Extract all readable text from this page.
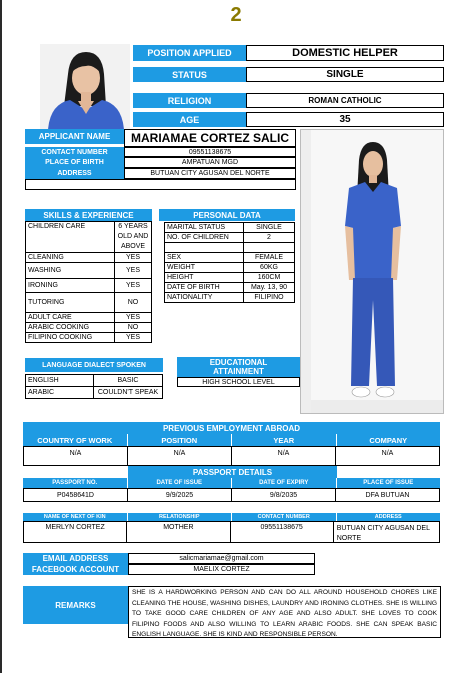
2
POSITION APPLIED	DOMESTIC HELPER
STATUS	SINGLE
RELIGION	ROMAN CATHOLIC
AGE	35
APPLICANT NAME	MARIAMAE CORTEZ SALIC
CONTACT NUMBER	09551138675
PLACE OF BIRTH	AMPATUAN MGD
ADDRESS	BUTUAN CITY AGUSAN DEL NORTE
SKILLS & EXPERIENCE
CHILDREN CARE	6 YEARS OLD AND ABOVE
CLEANING	YES
WASHING	YES
IRONING	YES
TUTORING	NO
ADULT CARE	YES
ARABIC COOKING	NO
FILIPINO COOKING	YES
PERSONAL DATA
MARITAL STATUS	SINGLE
NO. OF CHILDREN	2

SEX	FEMALE
WEIGHT	60KG
HEIGHT	160CM
DATE OF BIRTH	May. 13, 90
NATIONALITY	FILIPINO
LANGUAGE DIALECT SPOKEN
ENGLISH	BASIC
ARABIC	COULDN'T SPEAK
EDUCATIONAL ATTAINMENT
HIGH SCHOOL LEVEL
PREVIOUS EMPLOYMENT ABROAD
COUNTRY OF WORK	POSITION	YEAR	COMPANY
N/A	N/A	N/A	N/A
PASSPORT DETAILS
PASSPORT NO.	DATE OF ISSUE	DATE OF EXPIRY	PLACE OF ISSUE
P0458641D	9/9/2025	9/8/2035	DFA BUTUAN
NAME OF NEXT OF KIN	RELATIONSHIP	CONTACT NUMBER	ADDRESS
MERLYN CORTEZ	MOTHER	09551138675	BUTUAN CITY AGUSAN DEL NORTE
EMAIL ADDRESS	salicmariamae@gmail.com
FACEBOOK ACCOUNT	MAELIX CORTEZ
REMARKS
SHE IS A HARDWORKING PERSON AND CAN DO ALL AROUND HOUSEHOLD CHORES LIKE CLEANING THE HOUSE, WASHING DISHES, LAUNDRY AND IRONING CLOTHES. SHE IS WILLING TO TAKE GOOD CARE CHILDREN OF ANY AGE AND ALSO ADULT. SHE LOVES TO COOK FILIPINO FOODS AND ALSO WILLING TO LEARN ARABIC FOODS. SHE CAN SPEAK BASIC ENGLISH LANGUAGE. SHE IS KIND AND RESPONSIBLE PERSON.
